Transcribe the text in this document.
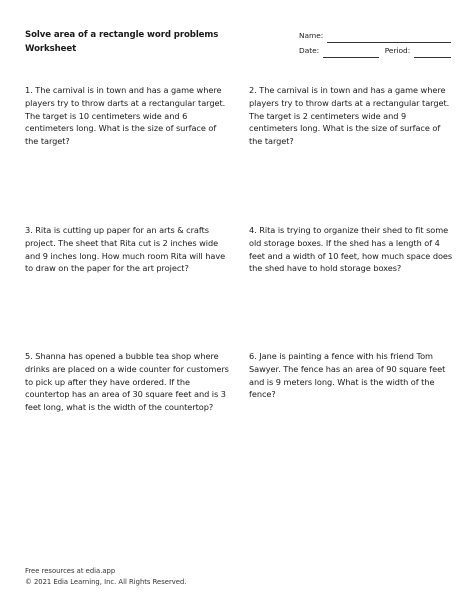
Solve area of a rectangle word problems
Worksheet
Name:
Date:	Period:
1. The carnival is in town and has a game where players try to throw darts at a rectangular target. The target is 10 centimeters wide and 6 centimeters long. What is the size of surface of the target?
2. The carnival is in town and has a game where players try to throw darts at a rectangular target. The target is 2 centimeters wide and 9 centimeters long. What is the size of surface of the target?
3. Rita is cutting up paper for an arts & crafts project. The sheet that Rita cut is 2 inches wide and 9 inches long. How much room Rita will have to draw on the paper for the art project?
4. Rita is trying to organize their shed to fit some old storage boxes. If the shed has a length of 4 feet and a width of 10 feet, how much space does the shed have to hold storage boxes?
5. Shanna has opened a bubble tea shop where drinks are placed on a wide counter for customers to pick up after they have ordered. If the countertop has an area of 30 square feet and is 3 feet long, what is the width of the countertop?
6. Jane is painting a fence with his friend Tom Sawyer. The fence has an area of 90 square feet and is 9 meters long. What is the width of the fence?
Free resources at edia.app
© 2021 Edia Learning, Inc. All Rights Reserved.
